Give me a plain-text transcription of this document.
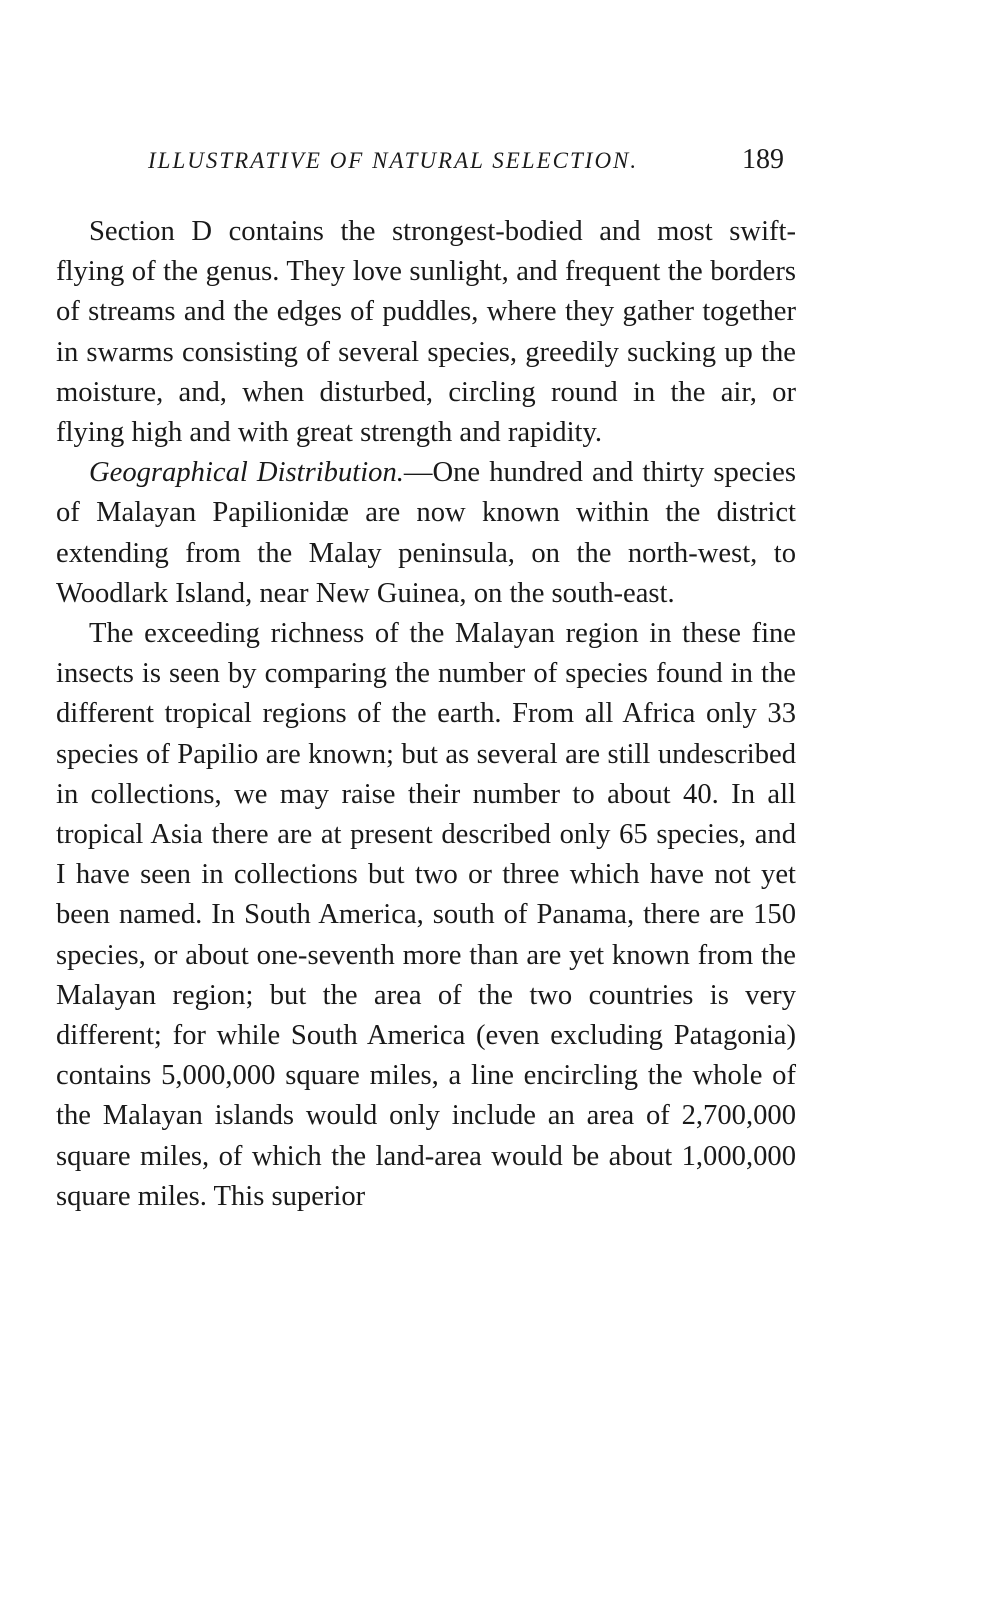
ILLUSTRATIVE OF NATURAL SELECTION.	189

Section D contains the strongest-bodied and most swift-flying of the genus. They love sunlight, and frequent the borders of streams and the edges of puddles, where they gather together in swarms consisting of several species, greedily sucking up the moisture, and, when disturbed, circling round in the air, or flying high and with great strength and rapidity.

Geographical Distribution.—One hundred and thirty species of Malayan Papilionidæ are now known within the district extending from the Malay peninsula, on the north-west, to Woodlark Island, near New Guinea, on the south-east.

The exceeding richness of the Malayan region in these fine insects is seen by comparing the number of species found in the different tropical regions of the earth. From all Africa only 33 species of Papilio are known; but as several are still undescribed in collections, we may raise their number to about 40. In all tropical Asia there are at present described only 65 species, and I have seen in collections but two or three which have not yet been named. In South America, south of Panama, there are 150 species, or about one-seventh more than are yet known from the Malayan region; but the area of the two countries is very different; for while South America (even excluding Patagonia) contains 5,000,000 square miles, a line encircling the whole of the Malayan islands would only include an area of 2,700,000 square miles, of which the land-area would be about 1,000,000 square miles. This superior
